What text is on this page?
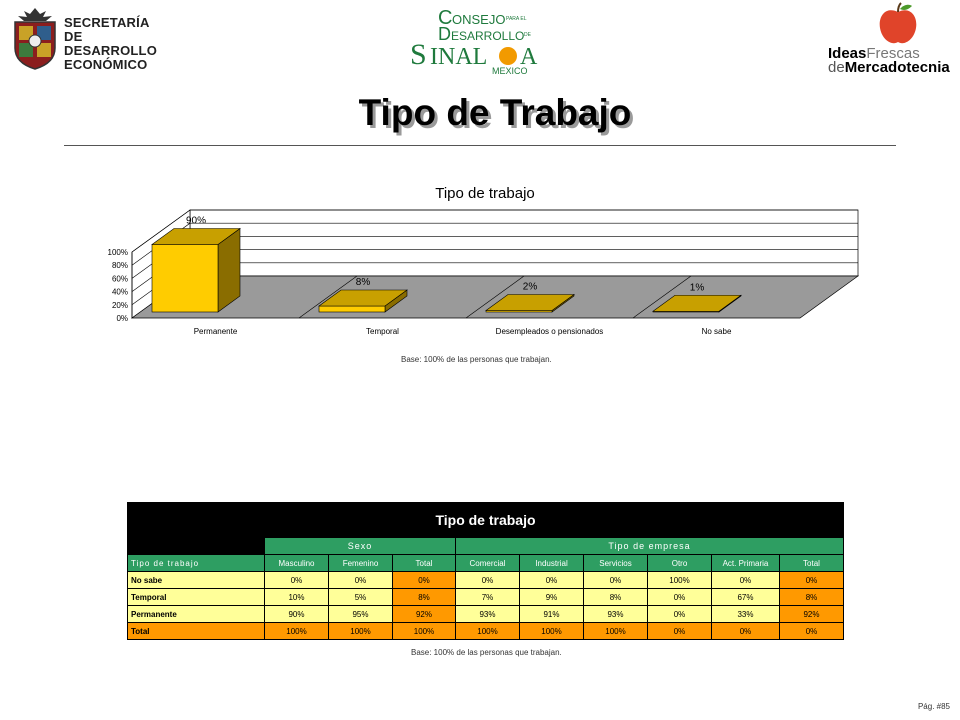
SECRETARÍA
DE DESARROLLO
ECONÓMICO
C ONSEJO PARA EL
D ESARROLLO DE
S INAL A
MEXICO
IdeasFrescas
deMercadotecnia
Tipo de Trabajo
Tipo de trabajo
0%
20%
40%
60%
80%
100%
90%
Permanente
8%
Temporal
2%
Desempleados o pensionados
1%
No sabe
Base: 100% de las personas que trabajan.
Tipo de trabajo									
	Sexo			Tipo de empresa					
Tipo de trabajo	Masculino	Femenino	Total	Comercial	Industrial	Servicios	Otro	Act. Primaria	Total
No sabe	0%	0%	0%	0%	0%	0%	100%	0%	0%
Temporal	10%	5%	8%	7%	9%	8%	0%	67%	8%
Permanente	90%	95%	92%	93%	91%	93%	0%	33%	92%
Total	100%	100%	100%	100%	100%	100%	0%	0%	0%
Base: 100% de las personas que trabajan.
Pág. #85
